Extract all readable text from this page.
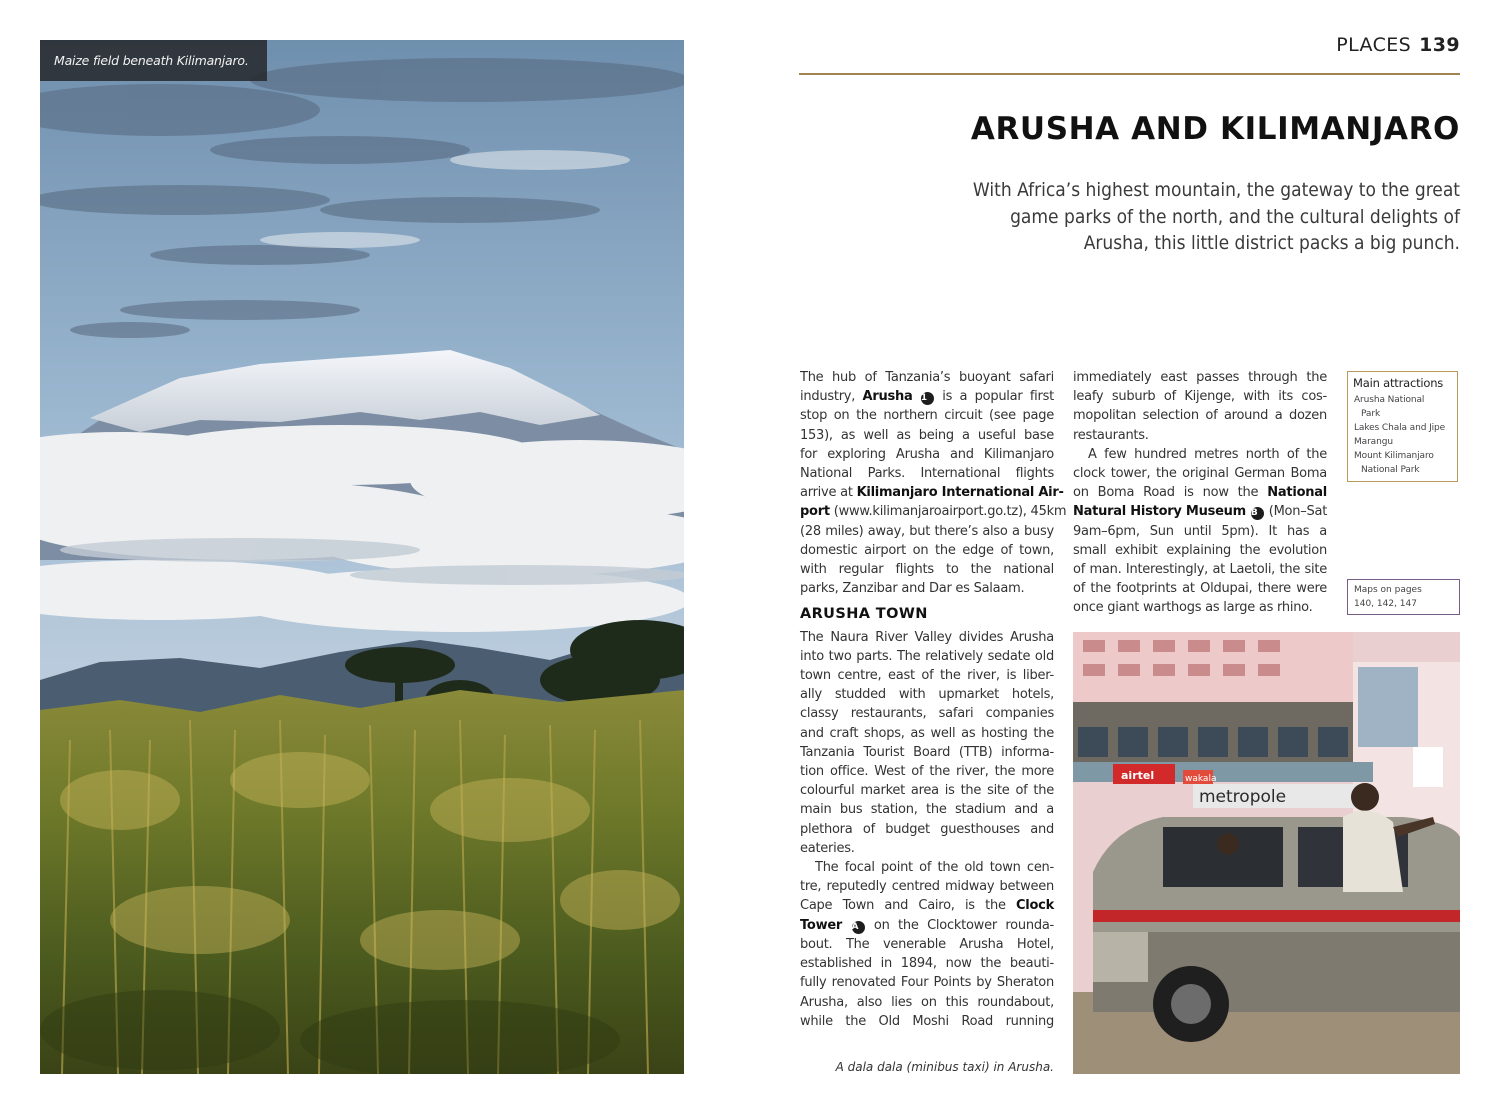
Maize field beneath Kilimanjaro.
PLACES 139
ARUSHA AND KILIMANJARO
With Africa’s highest mountain, the gateway to the great
game parks of the north, and the cultural delights of
Arusha, this little district packs a big punch.
The hub of Tanzania’s buoyant safari
industry, Arusha 1 is a popular first
stop on the northern circuit (see page
153), as well as being a useful base
for exploring Arusha and Kilimanjaro
National Parks. International flights
arrive at Kilimanjaro International Air-
port (www.kilimanjaroairport.go.tz), 45km
(28 miles) away, but there’s also a busy
domestic airport on the edge of town,
with regular flights to the national
parks, Zanzibar and Dar es Salaam.
ARUSHA TOWN
The Naura River Valley divides Arusha
into two parts. The relatively sedate old
town centre, east of the river, is liber-
ally studded with upmarket hotels,
classy restaurants, safari companies
and craft shops, as well as hosting the
Tanzania Tourist Board (TTB) informa-
tion office. West of the river, the more
colourful market area is the site of the
main bus station, the stadium and a
plethora of budget guesthouses and
eateries.
The focal point of the old town cen-
tre, reputedly centred midway between
Cape Town and Cairo, is the Clock
Tower A on the Clocktower rounda-
bout. The venerable Arusha Hotel,
established in 1894, now the beauti-
fully renovated Four Points by Sheraton
Arusha, also lies on this roundabout,
while the Old Moshi Road running
immediately east passes through the
leafy suburb of Kijenge, with its cos-
mopolitan selection of around a dozen
restaurants.
A few hundred metres north of the
clock tower, the original German Boma
on Boma Road is now the National
Natural History Museum B (Mon–Sat
9am–6pm, Sun until 5pm). It has a
small exhibit explaining the evolution
of man. Interestingly, at Laetoli, the site
of the footprints at Oldupai, there were
once giant warthogs as large as rhino.
Main attractions
Arusha National
Park
Lakes Chala and Jipe
Marangu
Mount Kilimanjaro
National Park
Maps on pages
140, 142, 147
airtel	wakala
metropole
A dala dala (minibus taxi) in Arusha.
